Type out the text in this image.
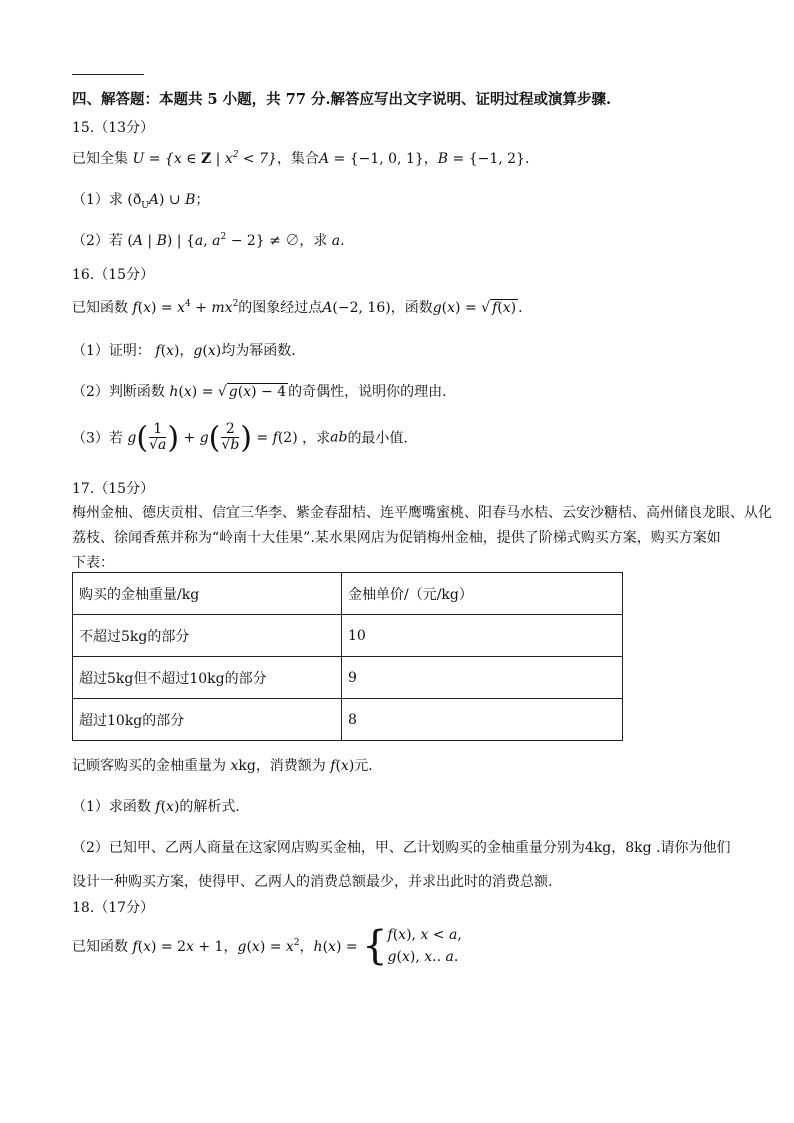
四、解答题：本题共 5 小题，共 77 分.解答应写出文字说明、证明过程或演算步骤.
15.（13分）
已知全集 U = {x ∈ Z | $x^2 < 7$}，集合A = {−1, 0, 1}，B = {−1, 2}.
（1）求 $(ð_UA)$ ∪ B；
（2）若 (A | B) | {a, $a^2 - 2$} ≠ ∅，求 a.
16.（15分）
已知函数 $f(x) = x^4 + mx^2$的图象经过点A(−2, 16)，函数g(x) = √ f(x) .
（1）证明： f(x)，g(x)均为幂函数.
（2）判断函数 h(x) = √ g(x) − 4 的奇偶性，说明你的理由.
（3）若 $g( \frac{1}{√a}$ ) + $g( \frac{2}{√b}$ ) = f(2) ，求ab的最小值.
17.（15分）
梅州金柚、德庆贡柑、信宜三华李、紫金春甜桔、连平鹰嘴蜜桃、阳春马水桔、云安沙糖桔、高州储良龙眼、从化
荔枝、徐闻香蕉并称为“岭南十大佳果”.某水果网店为促销梅州金柚，提供了阶梯式购买方案，购买方案如
下表：
购买的金柚重量/kg	金柚单价/（元/kg）
不超过5kg的部分	10
超过5kg但不超过10kg的部分	9
超过10kg的部分	8
记顾客购买的金柚重量为 xkg，消费额为 f(x)元.
（1）求函数 f(x)的解析式.
（2）已知甲、乙两人商量在这家网店购买金柚，甲、乙计划购买的金柚重量分别为4kg，8kg .请你为他们
设计一种购买方案，使得甲、乙两人的消费总额最少，并求出此时的消费总额.
18.（17分）
已知函数 f(x) = 2x + 1，$g(x) = x^2$，h(x) = { f(x), x < a,
g(x), x.. a.
